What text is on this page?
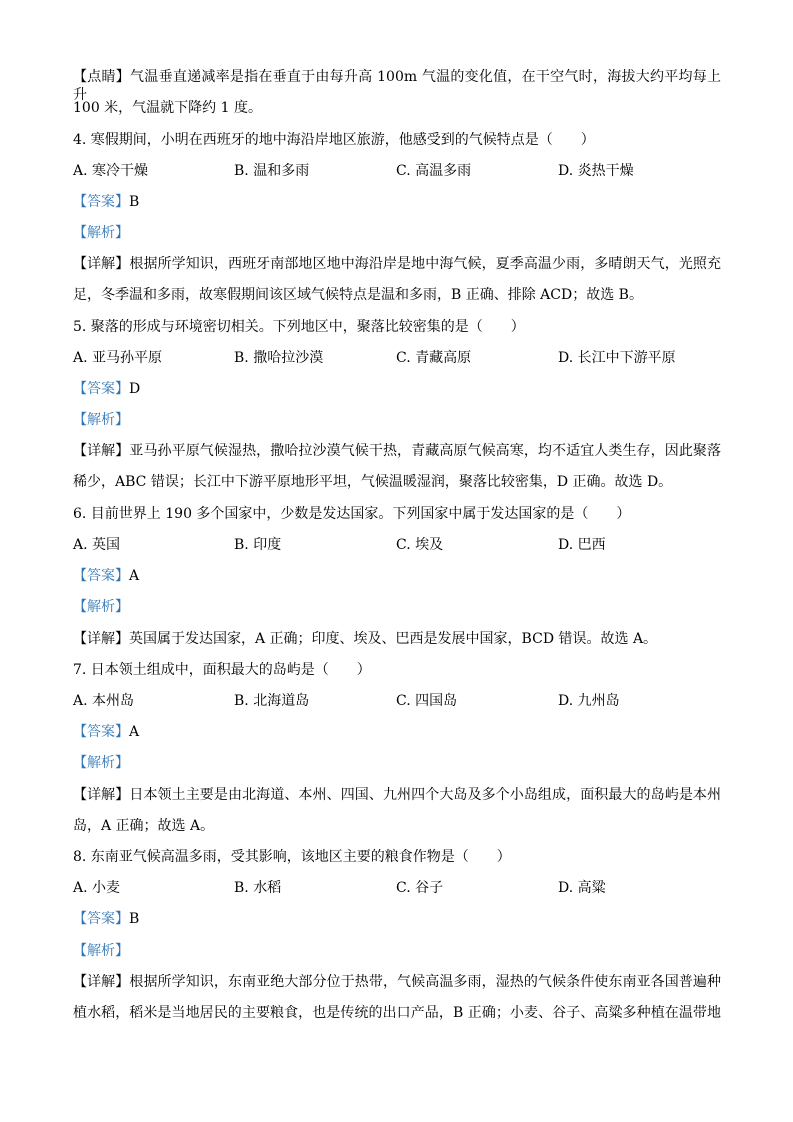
【点睛】气温垂直递减率是指在垂直于由每升高 100m 气温的变化值，在干空气时，海拔大约平均每上升
100 米，气温就下降约 1 度。
4. 寒假期间，小明在西班牙的地中海沿岸地区旅游，他感受到的气候特点是（　　）
A. 寒冷干燥	B. 温和多雨	C. 高温多雨	D. 炎热干燥
【答案】B
【解析】
【详解】根据所学知识，西班牙南部地区地中海沿岸是地中海气候，夏季高温少雨，多晴朗天气，光照充
足，冬季温和多雨，故寒假期间该区域气候特点是温和多雨，B 正确、排除 ACD；故选 B。
5. 聚落的形成与环境密切相关。下列地区中，聚落比较密集的是（　　）
A. 亚马孙平原	B. 撒哈拉沙漠	C. 青藏高原	D. 长江中下游平原
【答案】D
【解析】
【详解】亚马孙平原气候湿热，撒哈拉沙漠气候干热，青藏高原气候高寒，均不适宜人类生存，因此聚落
稀少，ABC 错误；长江中下游平原地形平坦，气候温暖湿润，聚落比较密集，D 正确。故选 D。
6. 目前世界上 190 多个国家中，少数是发达国家。下列国家中属于发达国家的是（　　）
A. 英国	B. 印度	C. 埃及	D. 巴西
【答案】A
【解析】
【详解】英国属于发达国家，A 正确；印度、埃及、巴西是发展中国家，BCD 错误。故选 A。
7. 日本领土组成中，面积最大的岛屿是（　　）
A. 本州岛	B. 北海道岛	C. 四国岛	D. 九州岛
【答案】A
【解析】
【详解】日本领土主要是由北海道、本州、四国、九州四个大岛及多个小岛组成，面积最大的岛屿是本州
岛，A 正确；故选 A。
8. 东南亚气候高温多雨，受其影响，该地区主要的粮食作物是（　　）
A. 小麦	B. 水稻	C. 谷子	D. 高粱
【答案】B
【解析】
【详解】根据所学知识，东南亚绝大部分位于热带，气候高温多雨，湿热的气候条件使东南亚各国普遍种
植水稻，稻米是当地居民的主要粮食，也是传统的出口产品，B 正确；小麦、谷子、高粱多种植在温带地
